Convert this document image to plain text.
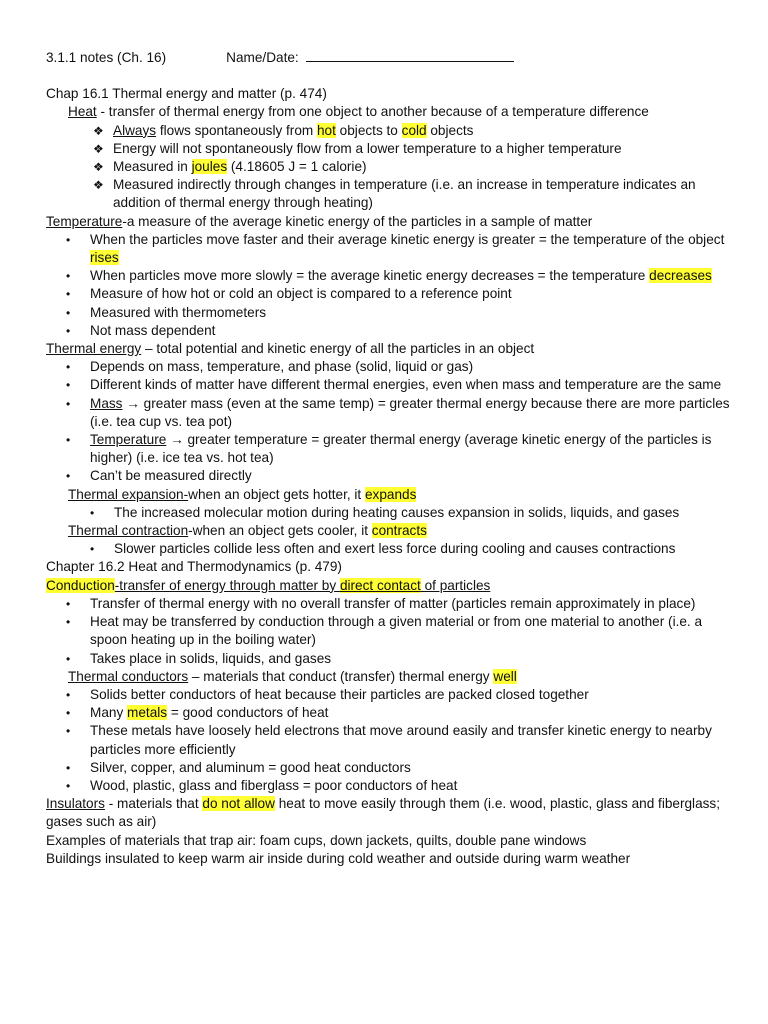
3.1.1 notes (Ch. 16)	Name/Date:
Chap 16.1 Thermal energy and matter (p. 474)
Heat - transfer of thermal energy from one object to another because of a temperature difference
❖ Always flows spontaneously from hot objects to cold objects
❖ Energy will not spontaneously flow from a lower temperature to a higher temperature
❖ Measured in joules (4.18605 J = 1 calorie)
❖ Measured indirectly through changes in temperature (i.e. an increase in temperature indicates an addition of thermal energy through heating)
Temperature-a measure of the average kinetic energy of the particles in a sample of matter
• When the particles move faster and their average kinetic energy is greater = the temperature of the object rises
• When particles move more slowly = the average kinetic energy decreases = the temperature decreases
• Measure of how hot or cold an object is compared to a reference point
• Measured with thermometers
• Not mass dependent
Thermal energy – total potential and kinetic energy of all the particles in an object
• Depends on mass, temperature, and phase (solid, liquid or gas)
• Different kinds of matter have different thermal energies, even when mass and temperature are the same
• Mass → greater mass (even at the same temp) = greater thermal energy because there are more particles (i.e. tea cup vs. tea pot)
• Temperature → greater temperature = greater thermal energy (average kinetic energy of the particles is higher) (i.e. ice tea vs. hot tea)
• Can’t be measured directly
Thermal expansion-when an object gets hotter, it expands
• The increased molecular motion during heating causes expansion in solids, liquids, and gases
Thermal contraction-when an object gets cooler, it contracts
• Slower particles collide less often and exert less force during cooling and causes contractions
Chapter 16.2 Heat and Thermodynamics (p. 479)
Conduction-transfer of energy through matter by direct contact of particles
• Transfer of thermal energy with no overall transfer of matter (particles remain approximately in place)
• Heat may be transferred by conduction through a given material or from one material to another (i.e. a spoon heating up in the boiling water)
• Takes place in solids, liquids, and gases
Thermal conductors – materials that conduct (transfer) thermal energy well
• Solids better conductors of heat because their particles are packed closed together
• Many metals = good conductors of heat
• These metals have loosely held electrons that move around easily and transfer kinetic energy to nearby particles more efficiently
• Silver, copper, and aluminum = good heat conductors
• Wood, plastic, glass and fiberglass = poor conductors of heat
Insulators - materials that do not allow heat to move easily through them (i.e. wood, plastic, glass and fiberglass; gases such as air)
Examples of materials that trap air: foam cups, down jackets, quilts, double pane windows
Buildings insulated to keep warm air inside during cold weather and outside during warm weather
